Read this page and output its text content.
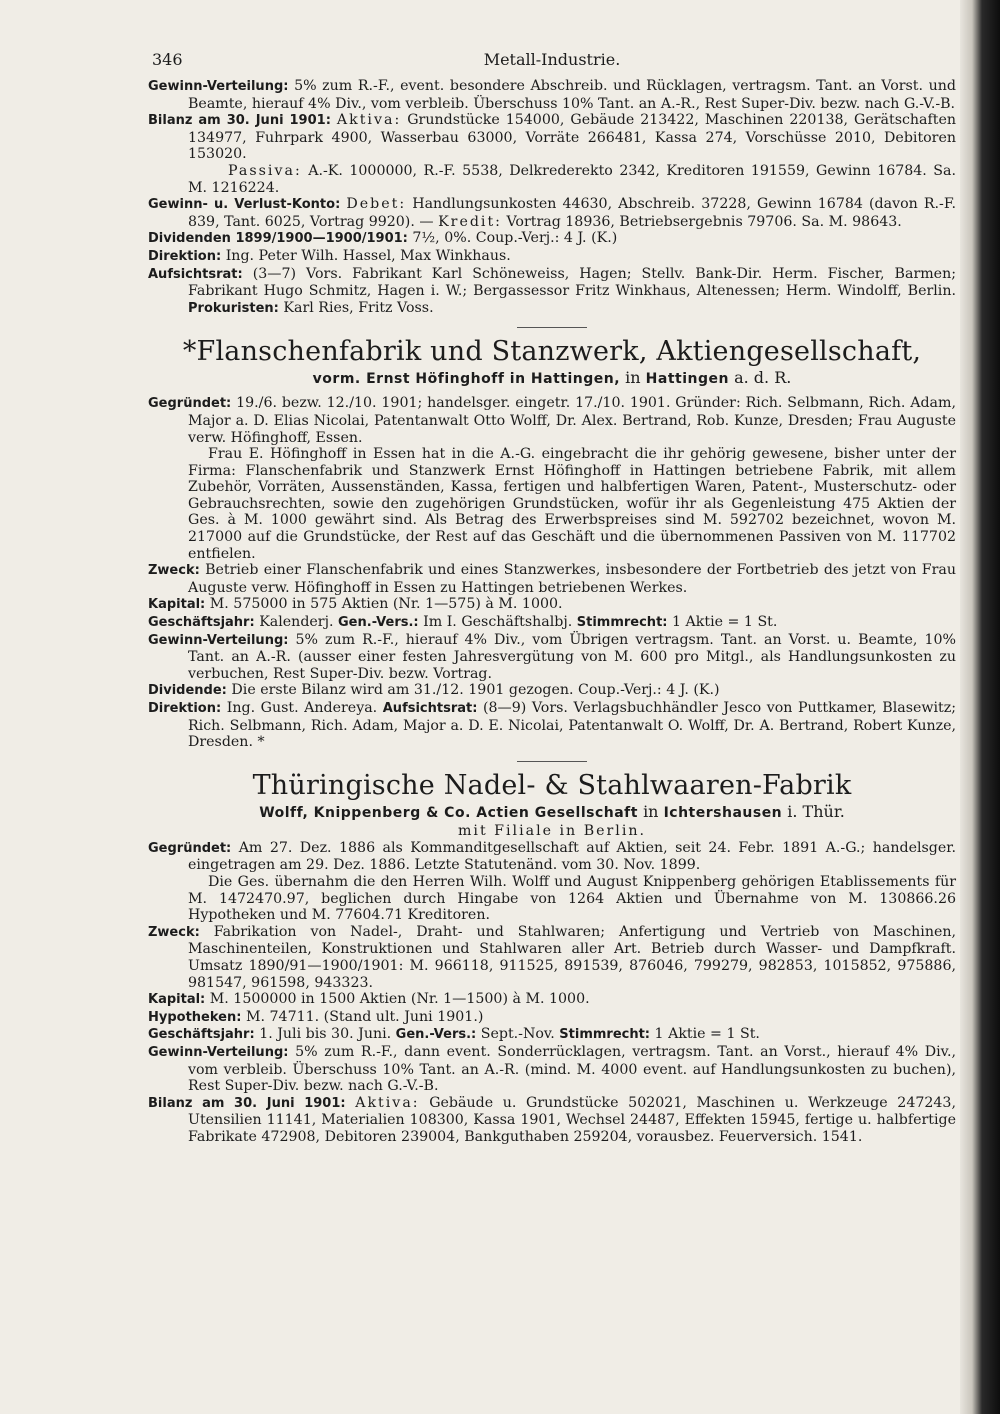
346	Metall-Industrie.

Gewinn-Verteilung: 5% zum R.-F., event. besondere Abschreib. und Rücklagen, vertragsm. Tant. an Vorst. und Beamte, hierauf 4% Div., vom verbleib. Überschuss 10% Tant. an A.-R., Rest Super-Div. bezw. nach G.-V.-B.

Bilanz am 30. Juni 1901: Aktiva: Grundstücke 154000, Gebäude 213422, Maschinen 220138, Gerätschaften 134977, Fuhrpark 4900, Wasserbau 63000, Vorräte 266481, Kassa 274, Vorschüsse 2010, Debitoren 153020.

Passiva: A.-K. 1000000, R.-F. 5538, Delkrederekto 2342, Kreditoren 191559, Gewinn 16784. Sa. M. 1216224.

Gewinn- u. Verlust-Konto: Debet: Handlungsunkosten 44630, Abschreib. 37228, Gewinn 16784 (davon R.-F. 839, Tant. 6025, Vortrag 9920). — Kredit: Vortrag 18936, Betriebsergebnis 79706. Sa. M. 98643.

Dividenden 1899/1900—1900/1901: 7½, 0%. Coup.-Verj.: 4 J. (K.)

Direktion: Ing. Peter Wilh. Hassel, Max Winkhaus.

Aufsichtsrat: (3—7) Vors. Fabrikant Karl Schöneweiss, Hagen; Stellv. Bank-Dir. Herm. Fischer, Barmen; Fabrikant Hugo Schmitz, Hagen i. W.; Bergassessor Fritz Winkhaus, Altenessen; Herm. Windolff, Berlin. Prokuristen: Karl Ries, Fritz Voss.

*Flanschenfabrik und Stanzwerk, Aktiengesellschaft,
vorm. Ernst Höfinghoff in Hattingen, in Hattingen a. d. R.

Gegründet: 19./6. bezw. 12./10. 1901; handelsger. eingetr. 17./10. 1901. Gründer: Rich. Selbmann, Rich. Adam, Major a. D. Elias Nicolai, Patentanwalt Otto Wolff, Dr. Alex. Bertrand, Rob. Kunze, Dresden; Frau Auguste verw. Höfinghoff, Essen.

Frau E. Höfinghoff in Essen hat in die A.-G. eingebracht die ihr gehörig gewesene, bisher unter der Firma: Flanschenfabrik und Stanzwerk Ernst Höfinghoff in Hattingen betriebene Fabrik, mit allem Zubehör, Vorräten, Aussenständen, Kassa, fertigen und halbfertigen Waren, Patent-, Musterschutz- oder Gebrauchsrechten, sowie den zugehörigen Grundstücken, wofür ihr als Gegenleistung 475 Aktien der Ges. à M. 1000 gewährt sind. Als Betrag des Erwerbspreises sind M. 592702 bezeichnet, wovon M. 217000 auf die Grundstücke, der Rest auf das Geschäft und die übernommenen Passiven von M. 117702 entfielen.

Zweck: Betrieb einer Flanschenfabrik und eines Stanzwerkes, insbesondere der Fortbetrieb des jetzt von Frau Auguste verw. Höfinghoff in Essen zu Hattingen betriebenen Werkes.

Kapital: M. 575000 in 575 Aktien (Nr. 1—575) à M. 1000.

Geschäftsjahr: Kalenderj. Gen.-Vers.: Im I. Geschäftshalbj. Stimmrecht: 1 Aktie = 1 St.

Gewinn-Verteilung: 5% zum R.-F., hierauf 4% Div., vom Übrigen vertragsm. Tant. an Vorst. u. Beamte, 10% Tant. an A.-R. (ausser einer festen Jahresvergütung von M. 600 pro Mitgl., als Handlungsunkosten zu verbuchen, Rest Super-Div. bezw. Vortrag.

Dividende: Die erste Bilanz wird am 31./12. 1901 gezogen. Coup.-Verj.: 4 J. (K.)

Direktion: Ing. Gust. Andereya. Aufsichtsrat: (8—9) Vors. Verlagsbuchhändler Jesco von Puttkamer, Blasewitz; Rich. Selbmann, Rich. Adam, Major a. D. E. Nicolai, Patentanwalt O. Wolff, Dr. A. Bertrand, Robert Kunze, Dresden. *

Thüringische Nadel- & Stahlwaaren-Fabrik
Wolff, Knippenberg & Co. Actien Gesellschaft in Ichtershausen i. Thür.
mit Filiale in Berlin.

Gegründet: Am 27. Dez. 1886 als Kommanditgesellschaft auf Aktien, seit 24. Febr. 1891 A.-G.; handelsger. eingetragen am 29. Dez. 1886. Letzte Statutenänd. vom 30. Nov. 1899.

Die Ges. übernahm die den Herren Wilh. Wolff und August Knippenberg gehörigen Etablissements für M. 1472470.97, beglichen durch Hingabe von 1264 Aktien und Übernahme von M. 130866.26 Hypotheken und M. 77604.71 Kreditoren.

Zweck: Fabrikation von Nadel-, Draht- und Stahlwaren; Anfertigung und Vertrieb von Maschinen, Maschinenteilen, Konstruktionen und Stahlwaren aller Art. Betrieb durch Wasser- und Dampfkraft. Umsatz 1890/91—1900/1901: M. 966118, 911525, 891539, 876046, 799279, 982853, 1015852, 975886, 981547, 961598, 943323.

Kapital: M. 1500000 in 1500 Aktien (Nr. 1—1500) à M. 1000.

Hypotheken: M. 74711. (Stand ult. Juni 1901.)

Geschäftsjahr: 1. Juli bis 30. Juni. Gen.-Vers.: Sept.-Nov. Stimmrecht: 1 Aktie = 1 St.

Gewinn-Verteilung: 5% zum R.-F., dann event. Sonderrücklagen, vertragsm. Tant. an Vorst., hierauf 4% Div., vom verbleib. Überschuss 10% Tant. an A.-R. (mind. M. 4000 event. auf Handlungsunkosten zu buchen), Rest Super-Div. bezw. nach G.-V.-B.

Bilanz am 30. Juni 1901: Aktiva: Gebäude u. Grundstücke 502021, Maschinen u. Werkzeuge 247243, Utensilien 11141, Materialien 108300, Kassa 1901, Wechsel 24487, Effekten 15945, fertige u. halbfertige Fabrikate 472908, Debitoren 239004, Bankguthaben 259204, vorausbez. Feuerversich. 1541.
